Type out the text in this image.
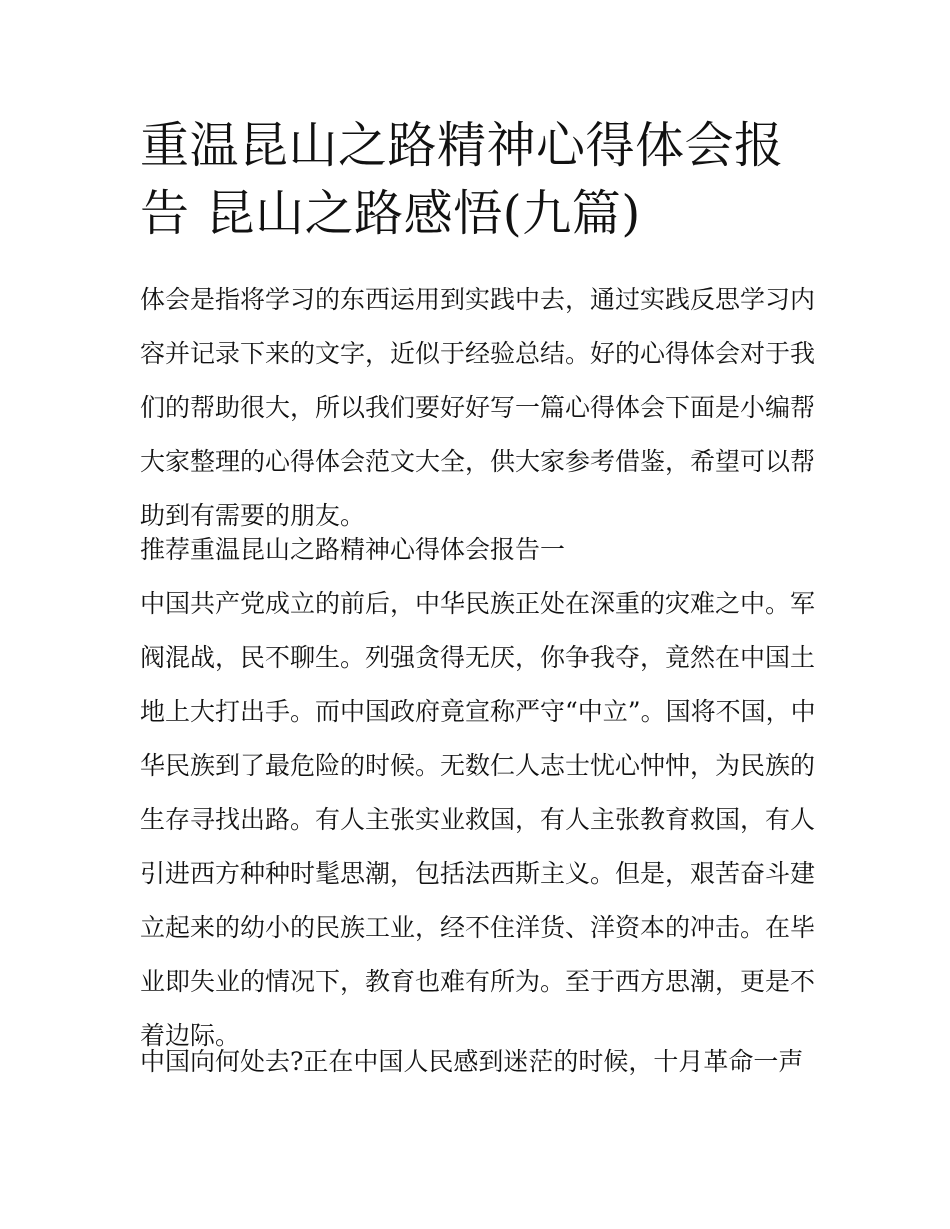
重温昆山之路精神心得体会报
告 昆山之路感悟(九篇)
体会是指将学习的东西运用到实践中去，通过实践反思学习内
容并记录下来的文字，近似于经验总结。好的心得体会对于我
们的帮助很大，所以我们要好好写一篇心得体会下面是小编帮
大家整理的心得体会范文大全，供大家参考借鉴，希望可以帮
助到有需要的朋友。
推荐重温昆山之路精神心得体会报告一
中国共产党成立的前后，中华民族正处在深重的灾难之中。军
阀混战，民不聊生。列强贪得无厌，你争我夺，竟然在中国土
地上大打出手。而中国政府竟宣称严守“中立”。国将不国，中
华民族到了最危险的时候。无数仁人志士忧心忡忡，为民族的
生存寻找出路。有人主张实业救国，有人主张教育救国，有人
引进西方种种时髦思潮，包括法西斯主义。但是，艰苦奋斗建
立起来的幼小的民族工业，经不住洋货、洋资本的冲击。在毕
业即失业的情况下，教育也难有所为。至于西方思潮，更是不
着边际。
中国向何处去?正在中国人民感到迷茫的时候，十月革命一声
